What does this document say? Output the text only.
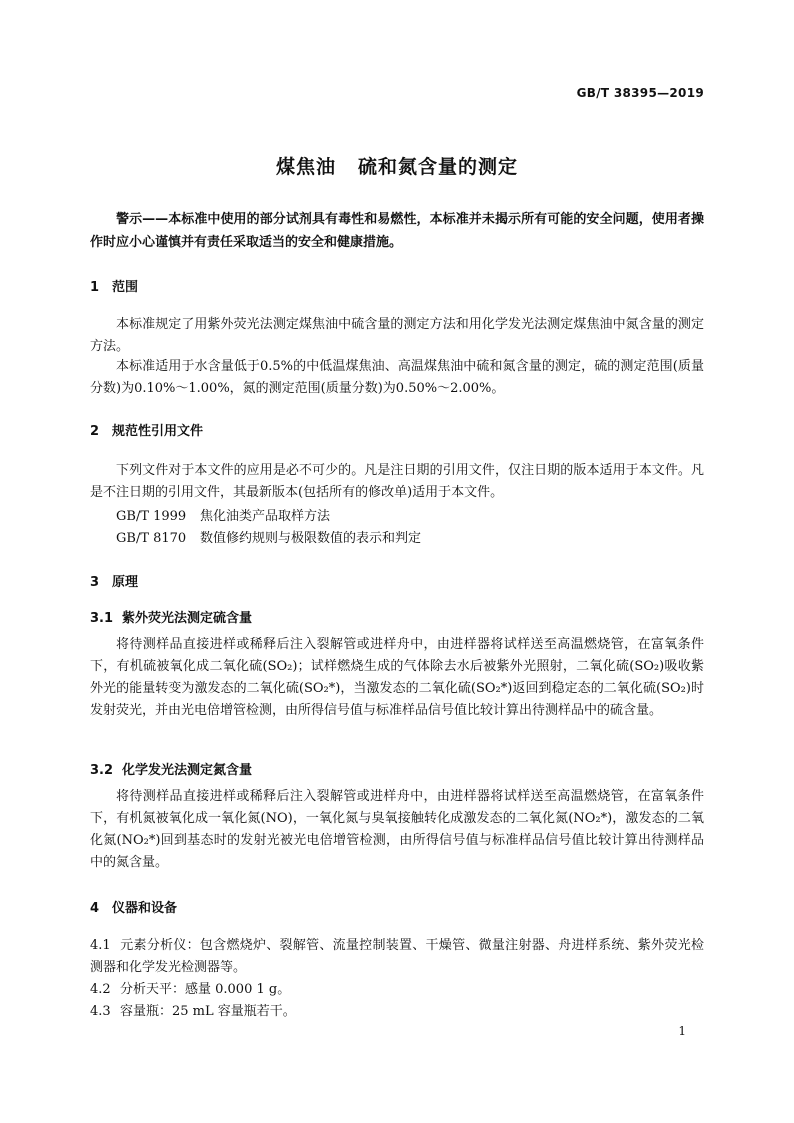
GB/T 38395—2019
煤焦油 硫和氮含量的测定
警示——本标准中使用的部分试剂具有毒性和易燃性，本标准并未揭示所有可能的安全问题，使用者操作时应小心谨慎并有责任采取适当的安全和健康措施。
1 范围
本标准规定了用紫外荧光法测定煤焦油中硫含量的测定方法和用化学发光法测定煤焦油中氮含量的测定方法。
本标准适用于水含量低于0.5%的中低温煤焦油、高温煤焦油中硫和氮含量的测定，硫的测定范围(质量分数)为0.10%～1.00%，氮的测定范围(质量分数)为0.50%～2.00%。
2 规范性引用文件
下列文件对于本文件的应用是必不可少的。凡是注日期的引用文件，仅注日期的版本适用于本文件。凡是不注日期的引用文件，其最新版本(包括所有的修改单)适用于本文件。
GB/T 1999 焦化油类产品取样方法
GB/T 8170 数值修约规则与极限数值的表示和判定
3 原理
3.1 紫外荧光法测定硫含量
将待测样品直接进样或稀释后注入裂解管或进样舟中，由进样器将试样送至高温燃烧管，在富氧条件下，有机硫被氧化成二氧化硫(SO₂)；试样燃烧生成的气体除去水后被紫外光照射，二氧化硫(SO₂)吸收紫外光的能量转变为激发态的二氧化硫(SO₂*)，当激发态的二氧化硫(SO₂*)返回到稳定态的二氧化硫(SO₂)时发射荧光，并由光电倍增管检测，由所得信号值与标准样品信号值比较计算出待测样品中的硫含量。
3.2 化学发光法测定氮含量
将待测样品直接进样或稀释后注入裂解管或进样舟中，由进样器将试样送至高温燃烧管，在富氧条件下，有机氮被氧化成一氧化氮(NO)，一氧化氮与臭氧接触转化成激发态的二氧化氮(NO₂*)，激发态的二氧化氮(NO₂*)回到基态时的发射光被光电倍增管检测，由所得信号值与标准样品信号值比较计算出待测样品中的氮含量。
4 仪器和设备
4.1 元素分析仪：包含燃烧炉、裂解管、流量控制装置、干燥管、微量注射器、舟进样系统、紫外荧光检测器和化学发光检测器等。
4.2 分析天平：感量 0.000 1 g。
4.3 容量瓶：25 mL 容量瓶若干。
1
